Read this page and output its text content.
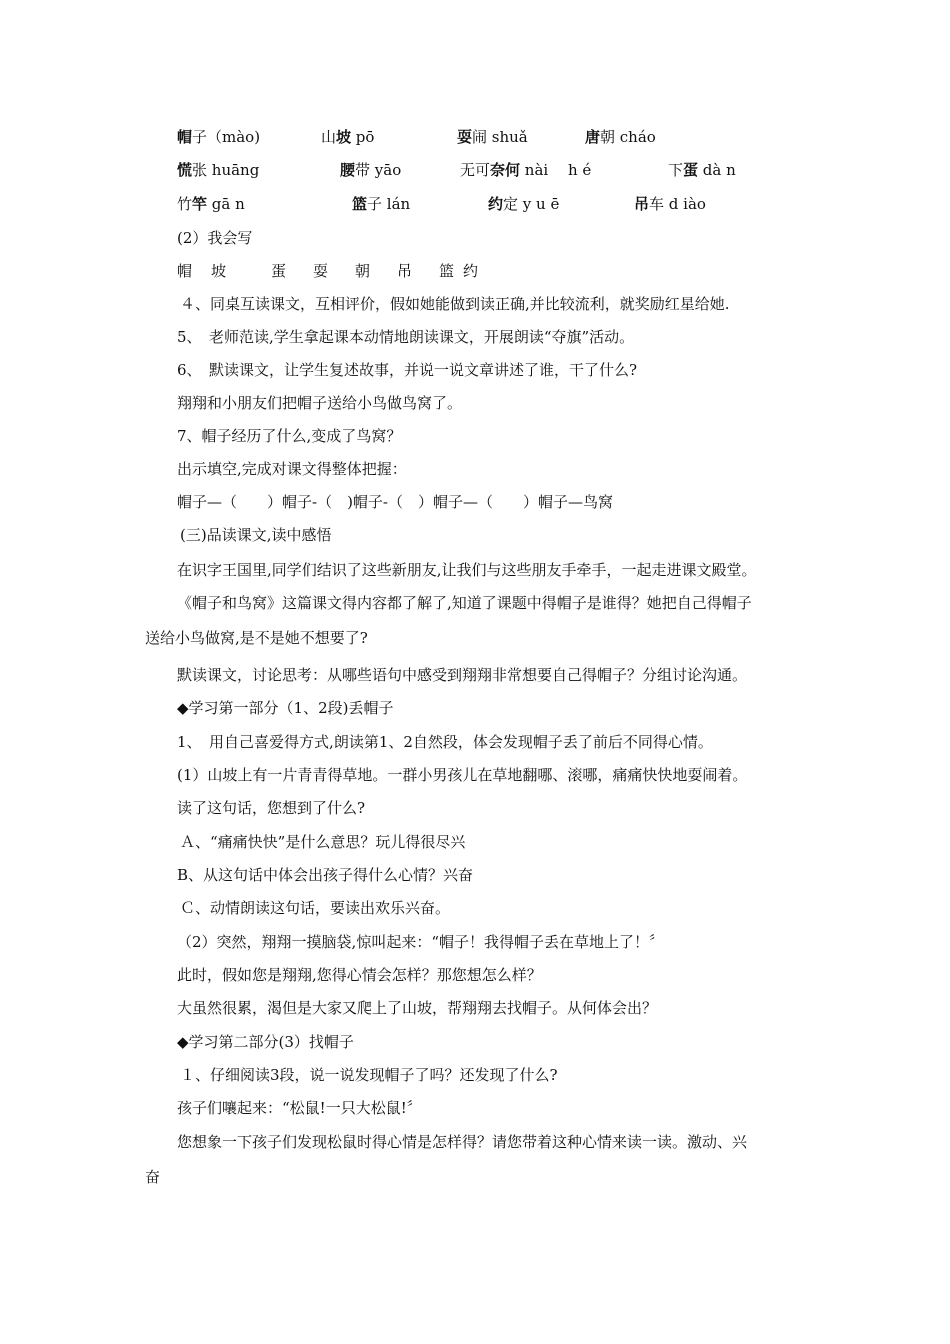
帽子（mào)	山坡 pō	耍闹 shuǎ	唐朝 cháo
慌张 huāng	腰带 yāo	无可奈何 nài　 h é	下蛋 dà n
竹竿 gā n	篮子 lán	约定 y u ē	吊车 d iào
(2）我会写
帽 坡	蛋 耍 朝 吊 篮 约
４、同桌互读课文，互相评价，假如她能做到读正确,并比较流利，就奖励红星给她.
5、　老师范读,学生拿起课本动情地朗读课文，开展朗读“夺旗”活动。
6、　默读课文，让学生复述故事，并说一说文章讲述了谁，干了什么?
翔翔和小朋友们把帽子送给小鸟做鸟窝了。
7、帽子经历了什么,变成了鸟窝？
出示填空,完成对课文得整体把握：
帽子—（　　）帽子-（　)帽子-（　）帽子—（　　）帽子—鸟窝
(三)品读课文,读中感悟
在识字王国里,同学们结识了这些新朋友,让我们与这些朋友手牵手，一起走进课文殿堂。
《帽子和鸟窝》这篇课文得内容都了解了,知道了课题中得帽子是谁得？她把自己得帽子
送给小鸟做窝,是不是她不想要了?
默读课文，讨论思考：从哪些语句中感受到翔翔非常想要自己得帽子？分组讨论沟通。
◆学习第一部分（1、2段)丢帽子
1、　用自己喜爱得方式,朗读第1、2自然段，体会发现帽子丢了前后不同得心情。
(1）山坡上有一片青青得草地。一群小男孩儿在草地翻哪、滚哪，痛痛快快地耍闹着。
读了这句话，您想到了什么?
Ａ、“痛痛快快”是什么意思？玩儿得很尽兴
B、从这句话中体会出孩子得什么心情？兴奋
Ｃ、动情朗读这句话，要读出欢乐兴奋。
（2）突然，翔翔一摸脑袋,惊叫起来：“帽子！我得帽子丢在草地上了！〞
此时，假如您是翔翔,您得心情会怎样？那您想怎么样？
大虽然很累，渴但是大家又爬上了山坡，帮翔翔去找帽子。从何体会出？
◆学习第二部分(3）找帽子
１、仔细阅读3段，说一说发现帽子了吗？还发现了什么?
孩子们嚷起来：“松鼠!一只大松鼠!〞
您想象一下孩子们发现松鼠时得心情是怎样得？请您带着这种心情来读一读。激动、兴
奋
